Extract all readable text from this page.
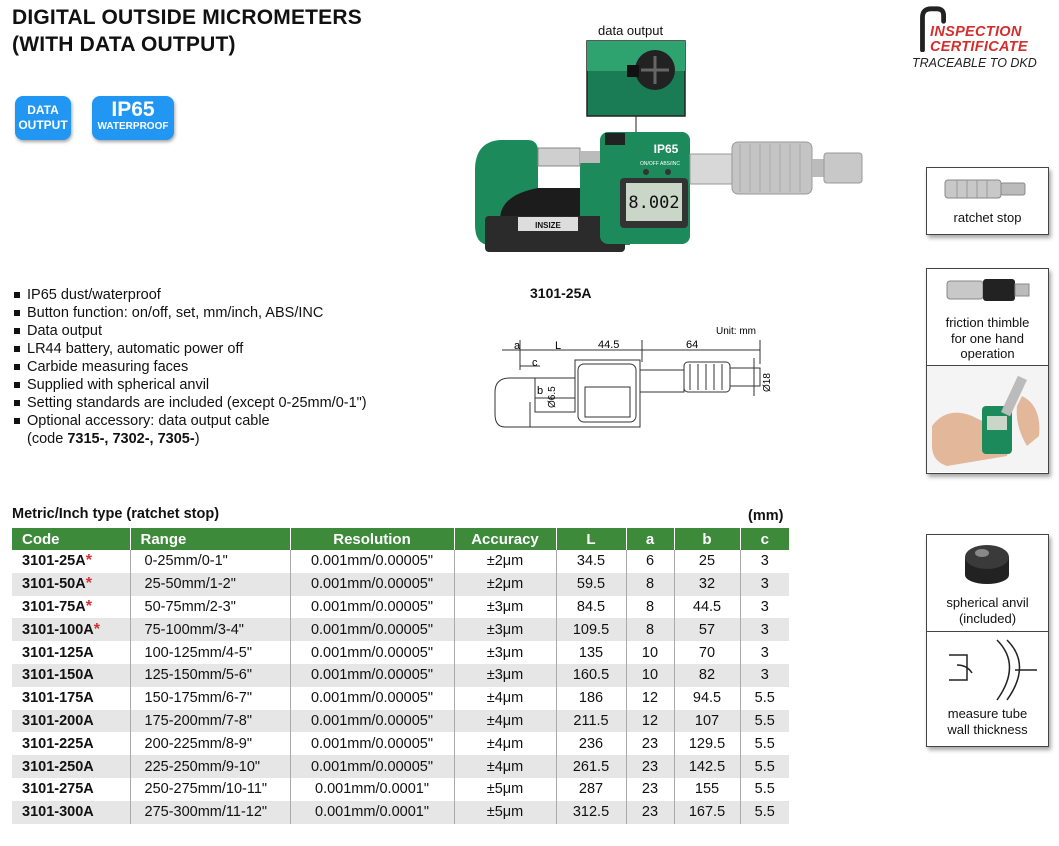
DIGITAL OUTSIDE MICROMETERS
(WITH DATA OUTPUT)
DATA
OUTPUT
IP65
WATERPROOF
INSPECTION
CERTIFICATE
TRACEABLE TO DKD
data output
INSIZE
IP65
ON/OFF ABS/INC
8.002
3101-25A
a	L
c
b
44.5	64
Unit: mm
Ø6.5
Ø18
IP65 dust/waterproof
Button function: on/off, set, mm/inch, ABS/INC
Data output
LR44 battery, automatic power off
Carbide measuring faces
Supplied with spherical anvil
Setting standards are included (except 0-25mm/0-1")
Optional accessory: data output cable
(code 7315-, 7302-, 7305-)
ratchet stop
friction thimble
for one hand
operation
spherical anvil
(included)
measure tube
wall thickness
Metric/Inch type (ratchet stop)	(mm)
Code	Range	Resolution	Accuracy	L	a	b	c
3101-25A*	0-25mm/0-1"	0.001mm/0.00005"	±2μm	34.5	6	25	3
3101-50A*	25-50mm/1-2"	0.001mm/0.00005"	±2μm	59.5	8	32	3
3101-75A*	50-75mm/2-3"	0.001mm/0.00005"	±3μm	84.5	8	44.5	3
3101-100A*	75-100mm/3-4"	0.001mm/0.00005"	±3μm	109.5	8	57	3
3101-125A	100-125mm/4-5"	0.001mm/0.00005"	±3μm	135	10	70	3
3101-150A	125-150mm/5-6"	0.001mm/0.00005"	±3μm	160.5	10	82	3
3101-175A	150-175mm/6-7"	0.001mm/0.00005"	±4μm	186	12	94.5	5.5
3101-200A	175-200mm/7-8"	0.001mm/0.00005"	±4μm	211.5	12	107	5.5
3101-225A	200-225mm/8-9"	0.001mm/0.00005"	±4μm	236	23	129.5	5.5
3101-250A	225-250mm/9-10"	0.001mm/0.00005"	±4μm	261.5	23	142.5	5.5
3101-275A	250-275mm/10-11"	0.001mm/0.0001"	±5μm	287	23	155	5.5
3101-300A	275-300mm/11-12"	0.001mm/0.0001"	±5μm	312.5	23	167.5	5.5
